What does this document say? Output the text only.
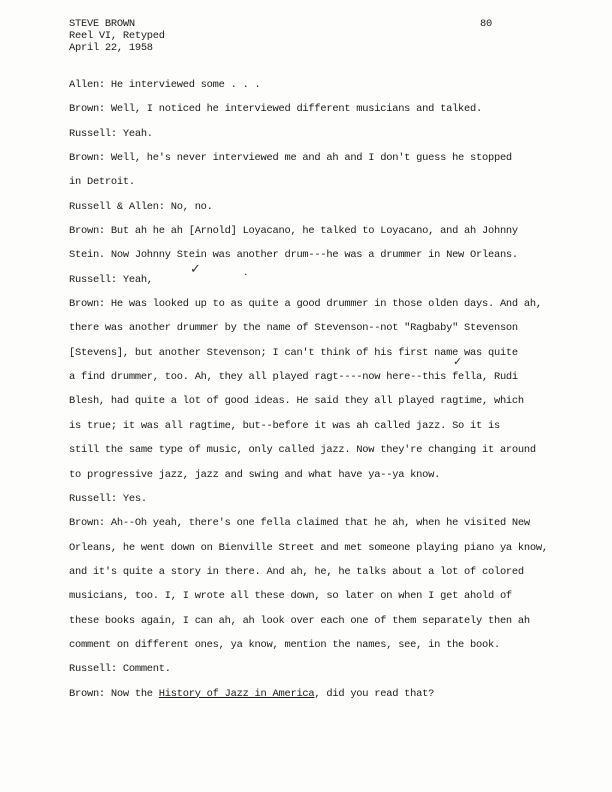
STEVE BROWN
Reel VI, Retyped
April 22, 1958
80
Allen: He interviewed some . . .
Brown: Well, I noticed he interviewed different musicians and talked.
Russell: Yeah.
Brown: Well, he's never interviewed me and ah and I don't guess he stopped
in Detroit.
Russell & Allen: No, no.
Brown: But ah he ah [Arnold] Loyacano, he talked to Loyacano, and ah Johnny
Stein. Now Johnny Stein was another drum---he was a drummer in New Orleans.
Russell: Yeah,
Brown: He was looked up to as quite a good drummer in those olden days. And ah,
there was another drummer by the name of Stevenson--not "Ragbaby" Stevenson
[Stevens], but another Stevenson; I can't think of his first name was quite
a find drummer, too. Ah, they all played ragt----now here--this fella, Rudi
Blesh, had quite a lot of good ideas. He said they all played ragtime, which
is true; it was all ragtime, but--before it was ah called jazz. So it is
still the same type of music, only called jazz. Now they're changing it around
to progressive jazz, jazz and swing and what have ya--ya know.
Russell: Yes.
Brown: Ah--Oh yeah, there's one fella claimed that he ah, when he visited New
Orleans, he went down on Bienville Street and met someone playing piano ya know,
and it's quite a story in there. And ah, he, he talks about a lot of colored
musicians, too. I, I wrote all these down, so later on when I get ahold of
these books again, I can ah, ah look over each one of them separately then ah
comment on different ones, ya know, mention the names, see, in the book.
Russell: Comment.
Brown: Now the History of Jazz in America, did you read that?
✓	·
✓
